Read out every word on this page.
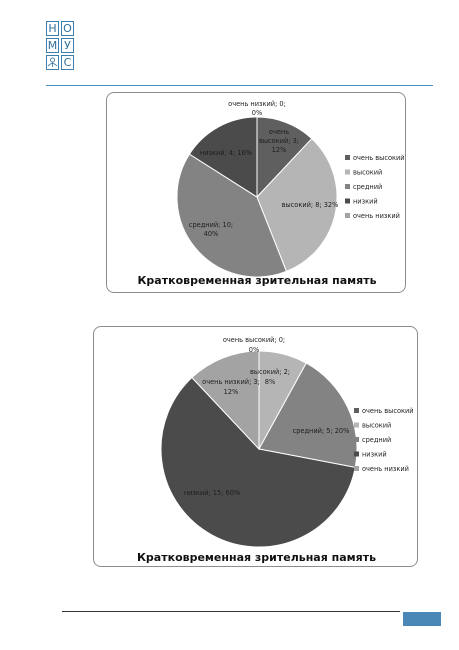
Н О
М У
С
очень высокий; 3; 12%
высокий; 8; 32%
средний; 10; 40%
низкий; 4; 16%
очень низкий; 0; 0%
очень высокий
высокий
средний
низкий
очень низкий
Кратковременная зрительная память
очень высокий; 0; 0%
высокий; 2; 8%
средний; 5; 20%
низкий; 15; 60%
очень низкий; 3; 12%
очень высокий
высокий
средний
низкий
очень низкий
Кратковременная зрительная память
